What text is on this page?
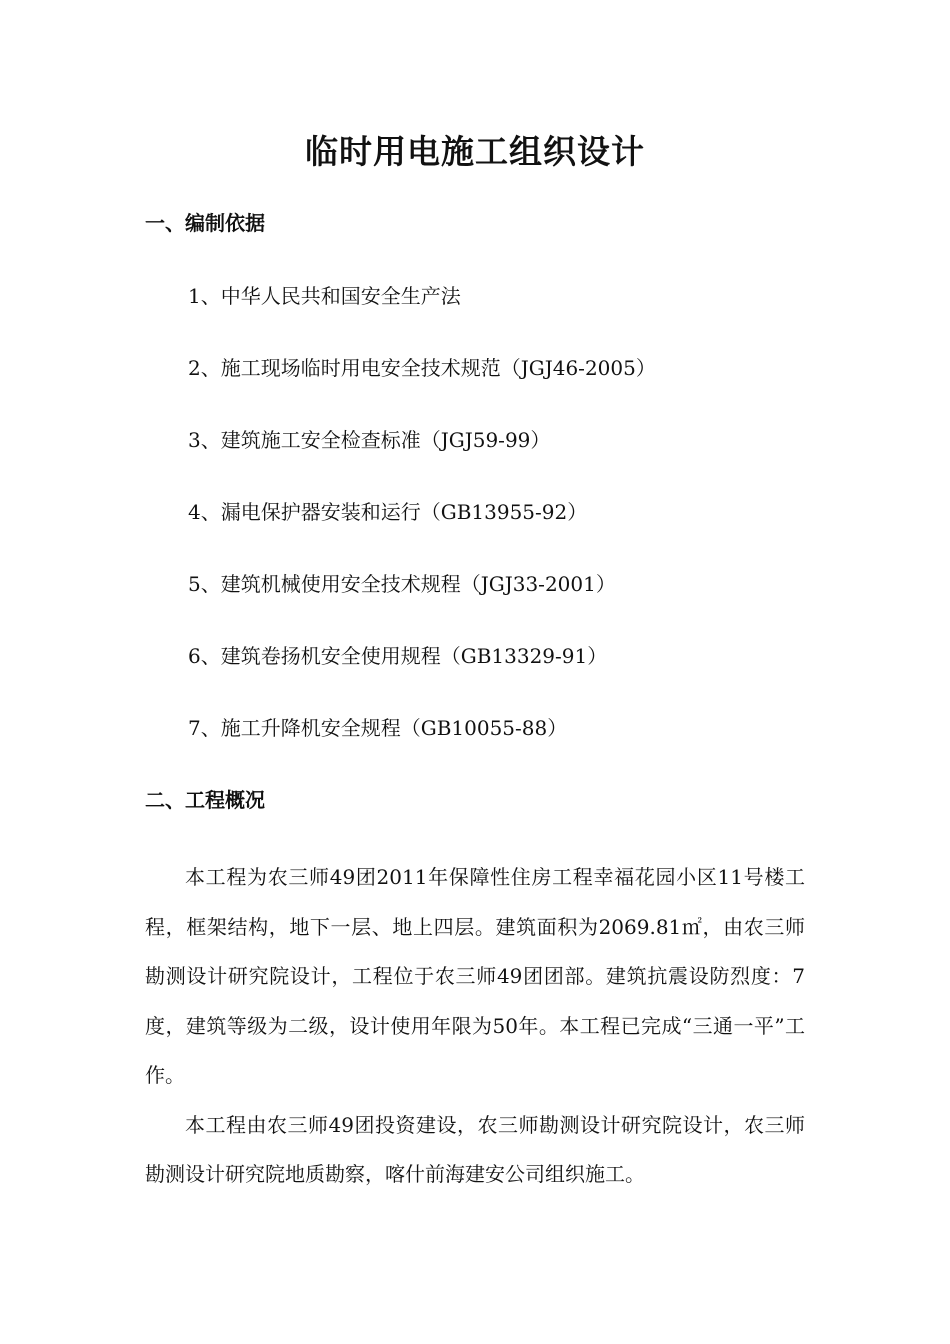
临时用电施工组织设计
一、编制依据
1、中华人民共和国安全生产法
2、施工现场临时用电安全技术规范（JGJ46-2005）
3、建筑施工安全检查标准（JGJ59-99）
4、漏电保护器安装和运行（GB13955-92）
5、建筑机械使用安全技术规程（JGJ33-2001）
6、建筑卷扬机安全使用规程（GB13329-91）
7、施工升降机安全规程（GB10055-88）
二、工程概况

本工程为农三师49团2011年保障性住房工程幸福花园小区11号楼工程，框架结构，地下一层、地上四层。建筑面积为2069.81㎡，由农三师勘测设计研究院设计，工程位于农三师49团团部。建筑抗震设防烈度：7度，建筑等级为二级，设计使用年限为50年。本工程已完成“三通一平”工作。

本工程由农三师49团投资建设，农三师勘测设计研究院设计，农三师勘测设计研究院地质勘察，喀什前海建安公司组织施工。
